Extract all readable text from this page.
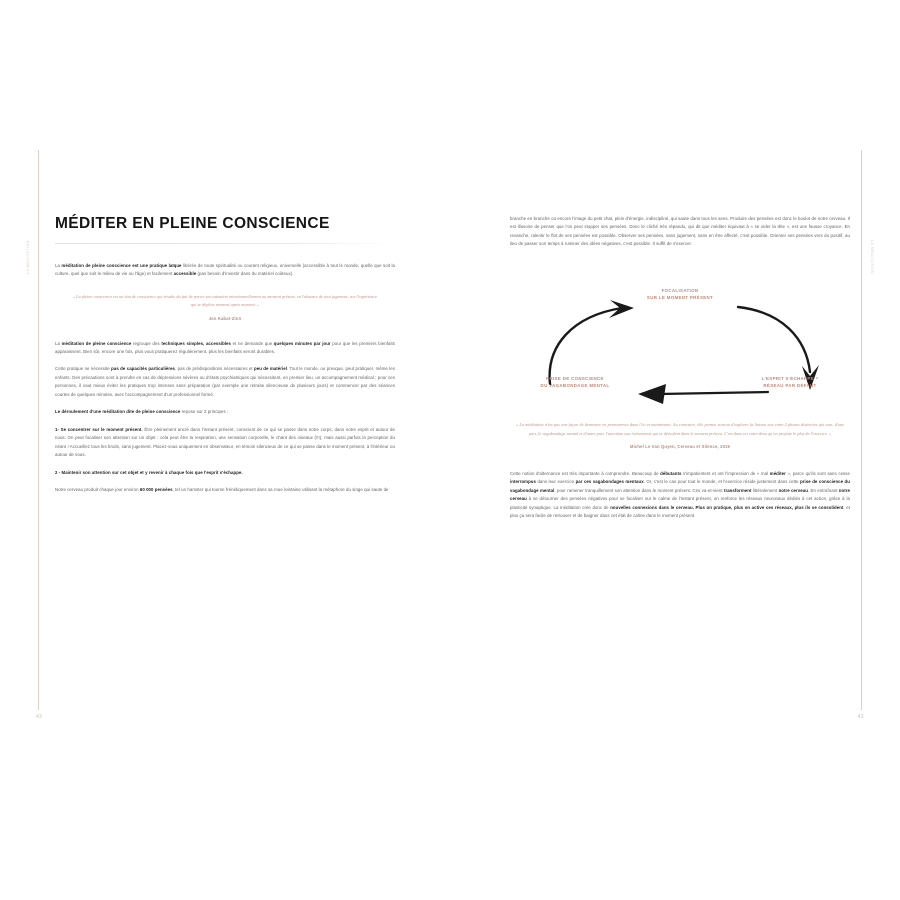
LA MÉDITATION
42
MÉDITER EN PLEINE CONSCIENCE

La méditation de pleine conscience est une pratique laïque libérée de toute spiritualité ou courant religieux, universelle (accessible à tout le monde, quelle que soit la culture, quel que soit le milieu de vie ou l'âge) et facilement accessible (pas besoin d'investir dans du matériel coûteux).

« La pleine conscience est un état de conscience qui résulte du fait de porter son attention intentionnellement au moment présent, en l'absence de tout jugement, sur l'expérience qui se déploie moment après moment. »
Jon Kabat-Zinn

La méditation de pleine conscience regroupe des techniques simples, accessibles et ne demande que quelques minutes par jour pour que les premiers bienfaits apparaissent. Bien sûr, encore une fois, plus vous pratiquerez régulièrement, plus les bienfaits seront durables.

Cette pratique ne nécessite pas de capacités particulières, pas de prédispositions nécessaires et peu de matériel. Tout le monde, ou presque, peut pratiquer, même les enfants. Des précautions sont à prendre en cas de dépressions sévères ou d'états psychiatriques qui nécessitent, en premier lieu, un accompagnement médical ; pour ces personnes, il vaut mieux éviter les pratiques trop intenses sans préparation (par exemple une retraite silencieuse de plusieurs jours) et commencer par des séances courtes de quelques minutes, avec l'accompagnement d'un professionnel formé.

Le déroulement d'une méditation dite de pleine conscience repose sur 2 principes :

1- Se concentrer sur le moment présent. Être pleinement ancré dans l'instant présent, conscient de ce qui se passe dans notre corps, dans notre esprit et autour de nous. On peut focaliser son attention sur un objet : cela peut être la respiration, une sensation corporelle, le chant des oiseaux (!!!), mais aussi parfois la perception du néant ! Accueillez tous les bruits, sans jugement. Placez-vous uniquement en observateur, en témoin silencieux de ce qui se passe dans le moment présent, à l'intérieur ou autour de vous.

2 - Maintenir son attention sur cet objet et y revenir à chaque fois que l'esprit s'échappe.

Notre cerveau produit chaque jour environ 60 000 pensées, tel un hamster qui tourne frénétiquement dans sa roue lointaine utilisant la métaphore du singe qui saute de

LA MÉDITATION
43

branche en branche ou encore l'image du petit chat, plein d'énergie, indiscipliné, qui saute dans tous les sens. Produire des pensées est donc le boulot de notre cerveau. Il est illusoire de penser que l'on peut stopper ses pensées. Donc le cliché très répandu, qui dit que méditer équivaut à « se vider la tête », est une fausse croyance. En revanche, ralentir le flot de ses pensées est possible. Observer ses pensées, sans jugement, sans en être affecté, c'est possible. Orienter ses pensées vers du positif, au lieu de passer son temps à ruminer des idées négatives, c'est possible. Il suffit de s'exercer.

FOCALISATION
SUR LE MOMENT PRÉSENT
L'ESPRIT S'ÉCHAPPE =
RÉSEAU PAR DÉFAUT
PRISE DE CONSCIENCE
DU VAGABONDAGE MENTAL
« La méditation n'est pas une façon de demeurer en permanence dans l'ici et maintenant. Au contraire, elle permet surtout d'explorer la liaison eux entre 2 phases distinctes qui sont, d'une part, le vagabondage mental et d'autre part, l'attention aux événements qui se déroulent dans le moment présent. C'est dans cet entre-deux qu'on projette le plus de l'exercice. »
Michel Le Van Quyen, Cerveau et Silence, 2019

Cette notion d'alternance est très importante à comprendre. Beaucoup de débutants s'impatientent et ont l'impression de « mal méditer », parce qu'ils sont sans cesse interrompus dans leur exercice par ces vagabondages mentaux. Or, c'est le cas pour tout le monde, et l'exercice réside justement dans cette prise de conscience du vagabondage mental, pour ramener tranquillement son attention dans le moment présent. Ces va-et-vient transforment littéralement notre cerveau. En entraînant notre cerveau à se détourner des pensées négatives pour se focaliser sur le calme de l'instant présent, on renforce les réseaux neuronaux dédiés à cet action, grâce à la plasticité synaptique. La méditation crée donc de nouvelles connexions dans le cerveau. Plus on pratique, plus on active ces réseaux, plus ils se consolident, et plus ça sera facile de retrouver et de baigner dans cet état de calme dans le moment présent.
